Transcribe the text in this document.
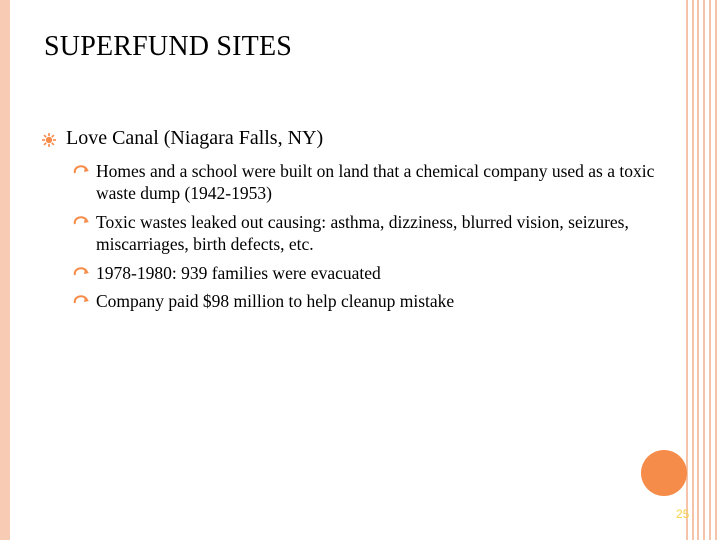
SUPERFUND SITES
Love Canal (Niagara Falls, NY)
Homes and a school were built on land that a chemical company used as a toxic waste dump (1942-1953)
Toxic wastes leaked out causing: asthma, dizziness, blurred vision, seizures, miscarriages, birth defects, etc.
1978-1980: 939 families were evacuated
Company paid $98 million to help cleanup mistake
25
